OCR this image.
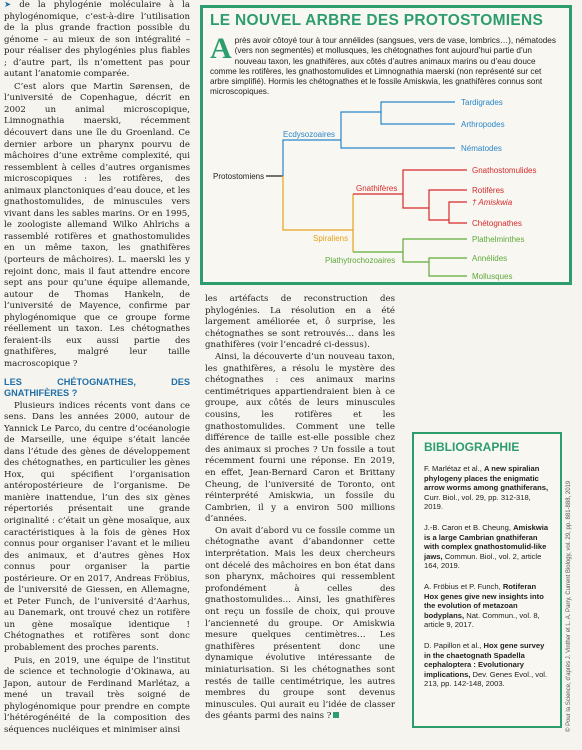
➤ de la phylogénie moléculaire à la phylogénomique, c’est-à-dire l’utilisation de la plus grande fraction possible du génome – au mieux de son intégralité – pour réaliser des phylogénies plus fiables ; d’autre part, ils n’omettent pas pour autant l’anatomie comparée.

C’est alors que Martin Sørensen, de l’université de Copenhague, décrit en 2002 un animal microscopique, Limnognathia maerski, récemment découvert dans une île du Groenland. Ce dernier arbore un pharynx pourvu de mâchoires d’une extrême complexité, qui ressemblent à celles d’autres organismes microscopiques : les rotifères, des animaux planctoniques d’eau douce, et les gnathostomulides, de minuscules vers vivant dans les sables marins. Or en 1995, le zoologiste allemand Wilko Ahlrichs a rassemblé rotifères et gnathostomulides en un même taxon, les gnathifères (porteurs de mâchoires). L. maerski les y rejoint donc, mais il faut attendre encore sept ans pour qu’une équipe allemande, autour de Thomas Hankeln, de l’université de Mayence, confirme par phylogénomique que ce groupe forme réellement un taxon. Les chétognathes feraient-ils eux aussi partie des gnathifères, malgré leur taille macroscopique ?

LES CHÉTOGNATHES, DES GNATHIFÈRES ?

Plusieurs indices récents vont dans ce sens. Dans les années 2000, autour de Yannick Le Parco, du centre d’océanologie de Marseille, une équipe s’était lancée dans l’étude des gènes de développement des chétognathes, en particulier les gènes Hox, qui spécifient l’organisation antéropostérieure de l’organisme. De manière inattendue, l’un des six gènes répertoriés présentait une grande originalité : c’était un gène mosaïque, aux caractéristiques à la fois de gènes Hox connus pour organiser l’avant et le milieu des animaux, et d’autres gènes Hox connus pour organiser la partie postérieure. Or en 2017, Andreas Fröbius, de l’université de Giessen, en Allemagne, et Peter Funch, de l’université d’Aarhus, au Danemark, ont trouvé chez un rotifère un gène mosaïque identique ! Chétognathes et rotifères sont donc probablement des proches parents.

Puis, en 2019, une équipe de l’institut de science et technologie d’Okinawa, au Japon, autour de Ferdinand Marlétaz, a mené un travail très soigné de phylogénomique pour prendre en compte l’hétérogénéité de la composition des séquences nucléiques et minimiser ainsi

LE NOUVEL ARBRE DES PROTOSTOMIENS

Après avoir côtoyé tour à tour annélides (sangsues, vers de vase, lombrics…), nématodes (vers non segmentés) et mollusques, les chétognathes font aujourd’hui partie d’un nouveau taxon, les gnathifères, aux côtés d’autres animaux marins ou d’eau douce comme les rotifères, les gnathostomulides et Limnognathia maerski (non représenté sur cet arbre simplifié). Hormis les chétognathes et le fossile Amiskwia, les gnathifères connus sont microscopiques.

Protostomiens
Ecdysozoaires
Tardigrades
Arthropodes
Nématodes
Spiraliens
Gnathifères
Gnathostomulides
Rotifères
† Amiskwia
Chétognathes
Plathytrochozoaires
Plathelminthes
Annélides
Mollusques

les artéfacts de reconstruction des phylogénies. La résolution en a été largement améliorée et, ô surprise, les chétognathes se sont retrouvés… dans les gnathifères (voir l’encadré ci-dessus).

Ainsi, la découverte d’un nouveau taxon, les gnathifères, a résolu le mystère des chétognathes : ces animaux marins centimétriques appartiendraient bien à ce groupe, aux côtés de leurs minuscules cousins, les rotifères et les gnathostomulides. Comment une telle différence de taille est-elle possible chez des animaux si proches ? Un fossile a tout récemment fourni une réponse. En 2019, en effet, Jean-Bernard Caron et Brittany Cheung, de l’université de Toronto, ont réinterprété Amiskwia, un fossile du Cambrien, il y a environ 500 millions d’années.

On avait d’abord vu ce fossile comme un chétognathe avant d’abandonner cette interprétation. Mais les deux chercheurs ont décelé des mâchoires en bon état dans son pharynx, mâchoires qui ressemblent profondément à celles des gnathostomulides… Ainsi, les gnathifères ont reçu un fossile de choix, qui prouve l’ancienneté du groupe. Or Amiskwia mesure quelques centimètres… Les gnathifères présentent donc une dynamique évolutive intéressante de miniaturisation. Si les chétognathes sont restés de taille centimétrique, les autres membres du groupe sont devenus minuscules. Qui aurait eu l’idée de classer des géants parmi des nains ?

BIBLIOGRAPHIE
F. Marlétaz et al., A new spiralian phylogeny places the enigmatic arrow worms among gnathiferans, Curr. Biol., vol. 29, pp. 312-318, 2019.
J.-B. Caron et B. Cheung, Amiskwia is a large Cambrian gnathiferan with complex gnathostomulid-like jaws, Commun. Biol., vol. 2, article 164, 2019.
A. Fröbius et P. Funch, Rotiferan Hox genes give new insights into the evolution of metazoan bodyplans, Nat. Commun., vol. 8, article 9, 2017.
D. Papillon et al., Hox gene survey in the chaetognath Spadella cephaloptera : Evolutionary implications, Dev. Genes Evol., vol. 213, pp. 142-148, 2003.	© Pour la Science, d’après J. Vinther et L. A. Parry, Current Biology, vol. 29, pp. 881-888, 2019
